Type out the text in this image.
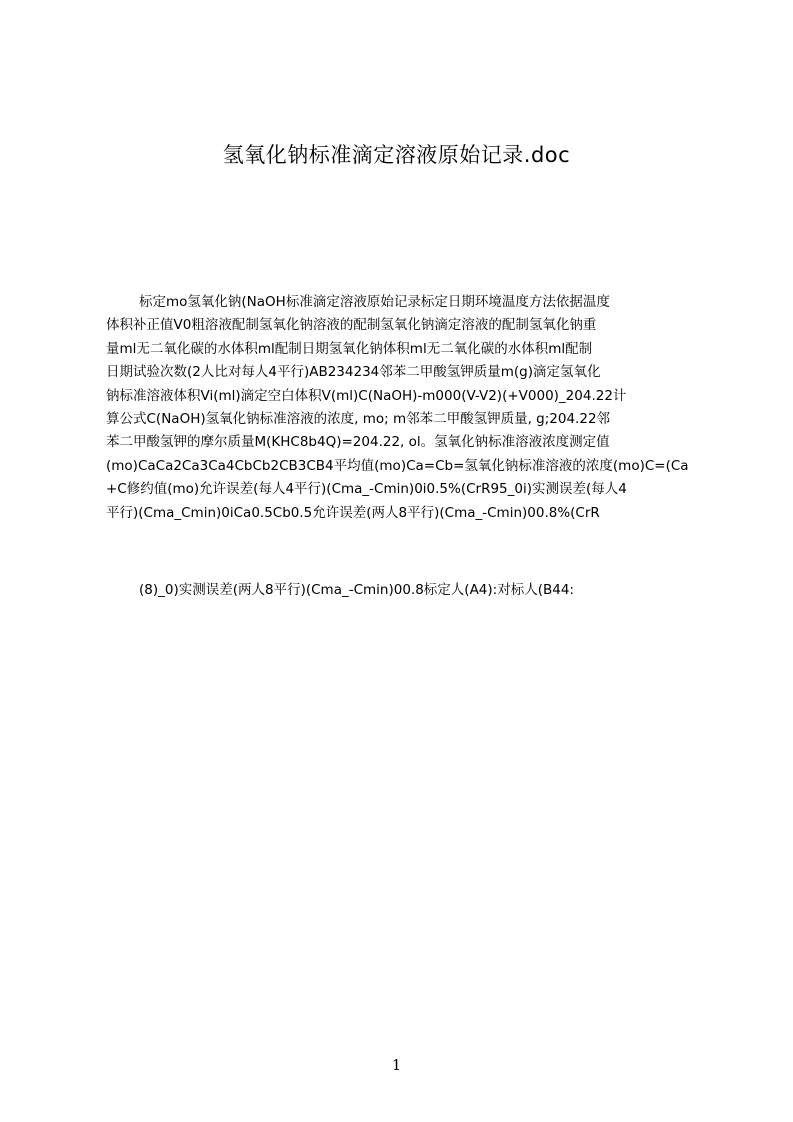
氢氧化钠标准滴定溶液原始记录.doc
标定mo氢氧化钠(NaOH标准滴定溶液原始记录标定日期环境温度方法依据温度
体积补正值V0粗溶液配制氢氧化钠溶液的配制氢氧化钠滴定溶液的配制氢氧化钠重
量ml无二氧化碳的水体积ml配制日期氢氧化钠体积ml无二氧化碳的水体积ml配制
日期试验次数(2人比对每人4平行)AB234234邻苯二甲酸氢钾质量m(g)滴定氢氧化
钠标准溶液体积Vi(ml)滴定空白体积V(ml)C(NaOH)-m000(V-V2)(+V000)_204.22计
算公式C(NaOH)氢氧化钠标准溶液的浓度, mo; m邻苯二甲酸氢钾质量, g;204.22邻
苯二甲酸氢钾的摩尔质量M(KHC8b4Q)=204.22, ol。氢氧化钠标准溶液浓度测定值
(mo)CaCa2Ca3Ca4CbCb2CB3CB4平均值(mo)Ca=Cb=氢氧化钠标准溶液的浓度(mo)C=(Ca
+C修约值(mo)允许误差(每人4平行)(Cma_-Cmin)0i0.5%(CrR95_0i)实测误差(每人4
平行)(Cma_Cmin)0iCa0.5Cb0.5允许误差(两人8平行)(Cma_-Cmin)00.8%(CrR
(8)_0)实测误差(两人8平行)(Cma_-Cmin)00.8标定人(A4):对标人(B44:
1
